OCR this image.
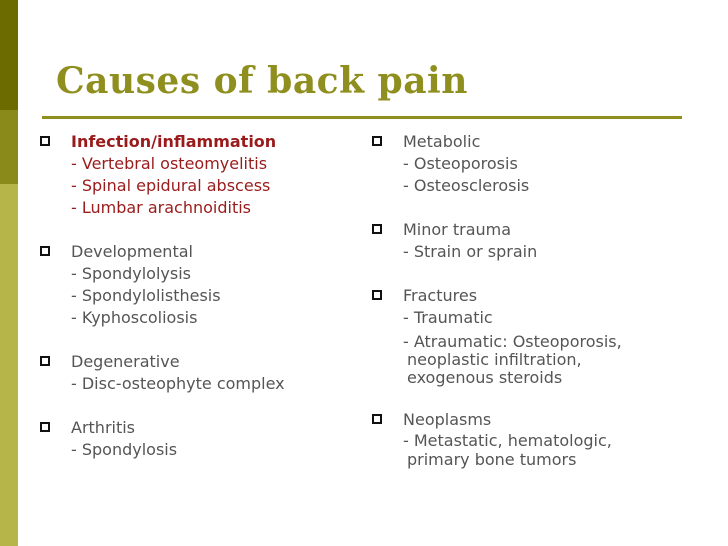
Causes of back pain
Infection/inflammation
- Vertebral osteomyelitis
- Spinal epidural abscess
- Lumbar arachnoiditis
Developmental
- Spondylolysis
- Spondylolisthesis
- Kyphoscoliosis
Degenerative
- Disc-osteophyte complex
Arthritis
- Spondylosis
Metabolic
- Osteoporosis
- Osteosclerosis
Minor trauma
- Strain or sprain
Fractures
- Traumatic
- Atraumatic: Osteoporosis,
neoplastic infiltration,
exogenous steroids
Neoplasms
- Metastatic, hematologic,
primary bone tumors
